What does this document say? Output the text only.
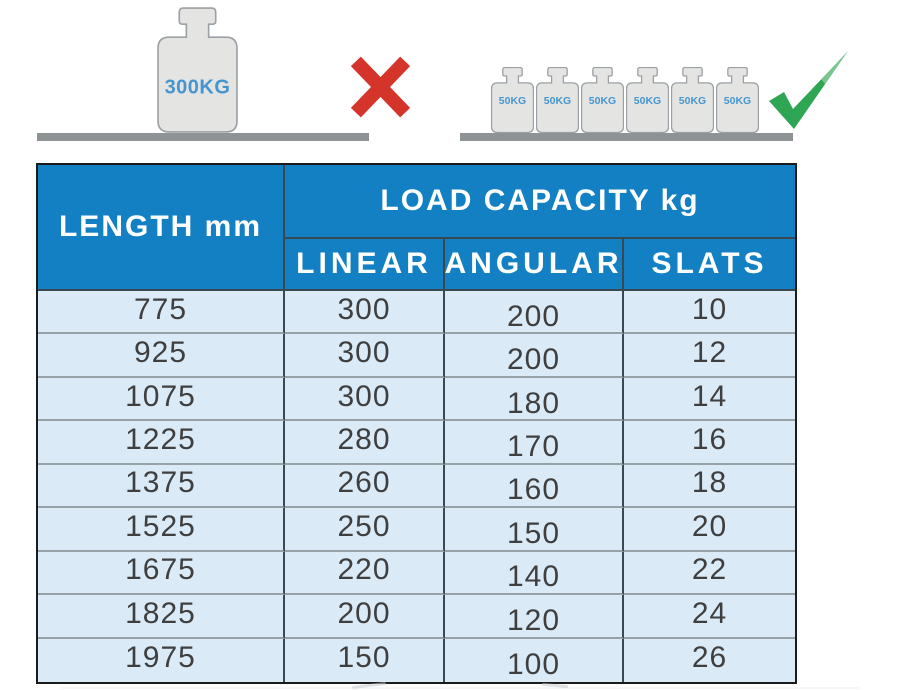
300KG
50KG	50KG	50KG	50KG	50KG	50KG
LENGTH mm
LOAD CAPACITY kg
LINEAR ANGULAR SLATS
775	300	200	10
925	300	200	12
1075	300	180	14
1225	280	170	16
1375	260	160	18
1525	250	150	20
1675	220	140	22
1825	200	120	24
1975	150	100	26
